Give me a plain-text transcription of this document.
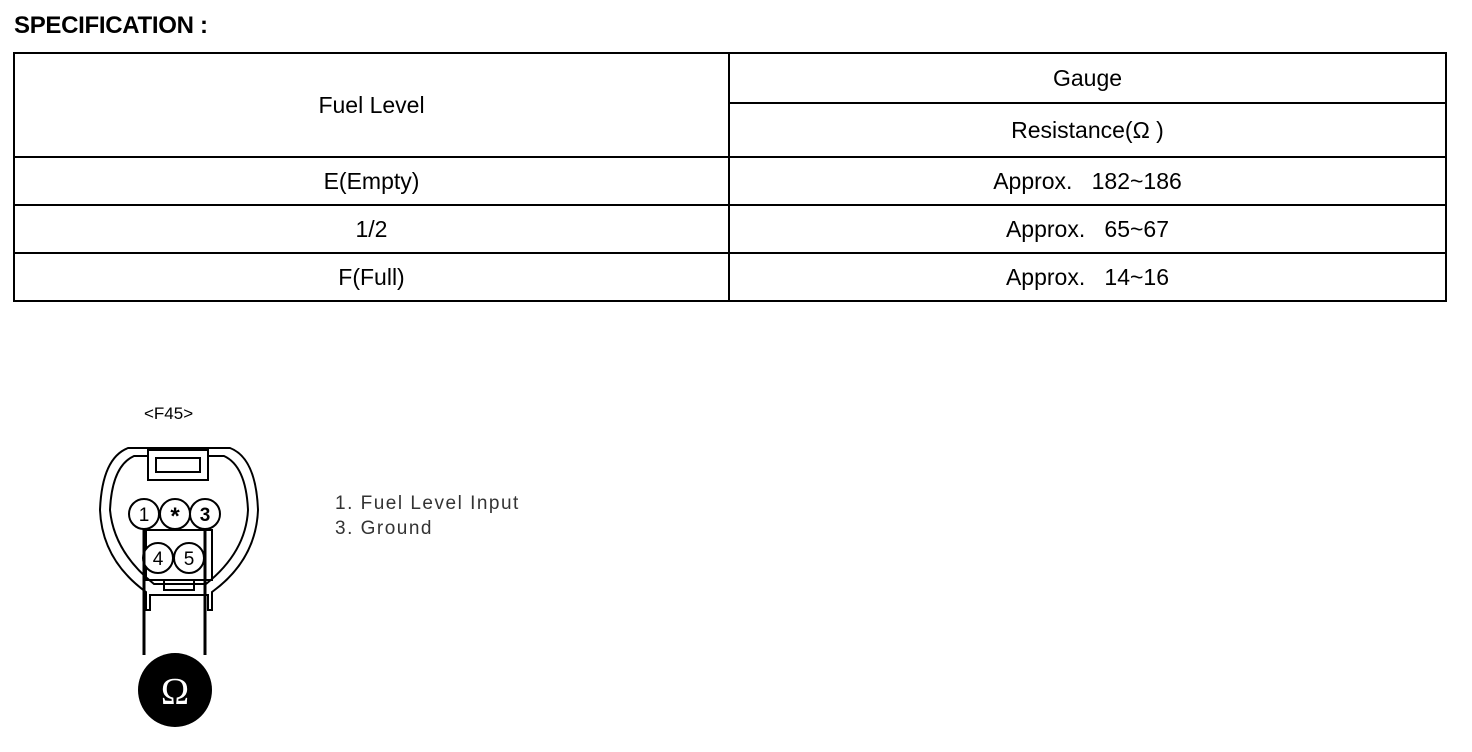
SPECIFICATION :
Fuel Level	Gauge
	Resistance(Ω )
E(Empty)	Approx.   182~186
1/2	Approx.   65~67
F(Full)	Approx.   14~16
<F45>
1 * 3
4 5
Ω
1. Fuel Level Input
3. Ground
